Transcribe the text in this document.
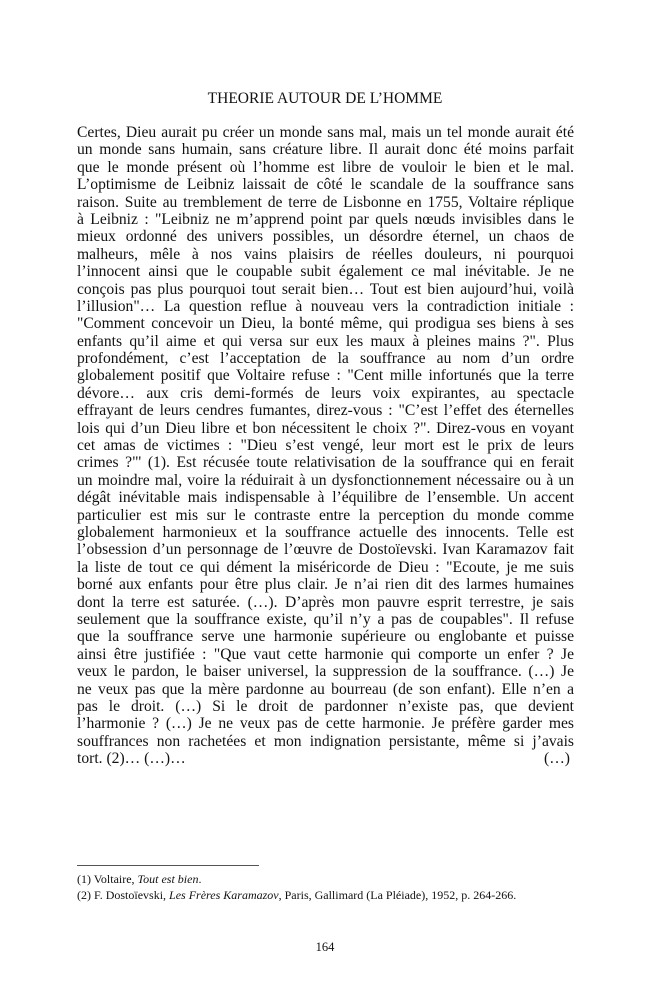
THEORIE AUTOUR DE L’HOMME
Certes, Dieu aurait pu créer un monde sans mal, mais un tel monde aurait été
un monde sans humain, sans créature libre. Il aurait donc été moins parfait
que le monde présent où l’homme est libre de vouloir le bien et le mal.
L’optimisme de Leibniz laissait de côté le scandale de la souffrance sans
raison. Suite au tremblement de terre de Lisbonne en 1755, Voltaire réplique
à Leibniz : "Leibniz ne m’apprend point par quels nœuds invisibles dans le
mieux ordonné des univers possibles, un désordre éternel, un chaos de
malheurs, mêle à nos vains plaisirs de réelles douleurs, ni pourquoi
l’innocent ainsi que le coupable subit également ce mal inévitable. Je ne
conçois pas plus pourquoi tout serait bien… Tout est bien aujourd’hui, voilà
l’illusion"… La question reflue à nouveau vers la contradiction initiale :
"Comment concevoir un Dieu, la bonté même, qui prodigua ses biens à ses
enfants qu’il aime et qui versa sur eux les maux à pleines mains ?". Plus
profondément, c’est l’acceptation de la souffrance au nom d’un ordre
globalement positif que Voltaire refuse : "Cent mille infortunés que la terre
dévore… aux cris demi-formés de leurs voix expirantes, au spectacle
effrayant de leurs cendres fumantes, direz-vous : "C’est l’effet des éternelles
lois qui d’un Dieu libre et bon nécessitent le choix ?". Direz-vous en voyant
cet amas de victimes : "Dieu s’est vengé, leur mort est le prix de leurs
crimes ?"' (1). Est récusée toute relativisation de la souffrance qui en ferait
un moindre mal, voire la réduirait à un dysfonctionnement nécessaire ou à un
dégât inévitable mais indispensable à l’équilibre de l’ensemble. Un accent
particulier est mis sur le contraste entre la perception du monde comme
globalement harmonieux et la souffrance actuelle des innocents. Telle est
l’obsession d’un personnage de l’œuvre de Dostoïevski. Ivan Karamazov fait
la liste de tout ce qui dément la miséricorde de Dieu : "Ecoute, je me suis
borné aux enfants pour être plus clair. Je n’ai rien dit des larmes humaines
dont la terre est saturée. (…). D’après mon pauvre esprit terrestre, je sais
seulement que la souffrance existe, qu’il n’y a pas de coupables". Il refuse
que la souffrance serve une harmonie supérieure ou englobante et puisse
ainsi être justifiée : "Que vaut cette harmonie qui comporte un enfer ? Je
veux le pardon, le baiser universel, la suppression de la souffrance. (…) Je
ne veux pas que la mère pardonne au bourreau (de son enfant). Elle n’en a
pas le droit. (…) Si le droit de pardonner n’existe pas, que devient
l’harmonie ? (…) Je ne veux pas de cette harmonie. Je préfère garder mes
souffrances non rachetées et mon indignation persistante, même si j’avais
tort. (2)… (…)…	(…)
(1) Voltaire, Tout est bien.
(2) F. Dostoïevski, Les Frères Karamazov, Paris, Gallimard (La Pléiade), 1952, p. 264-266.
164
